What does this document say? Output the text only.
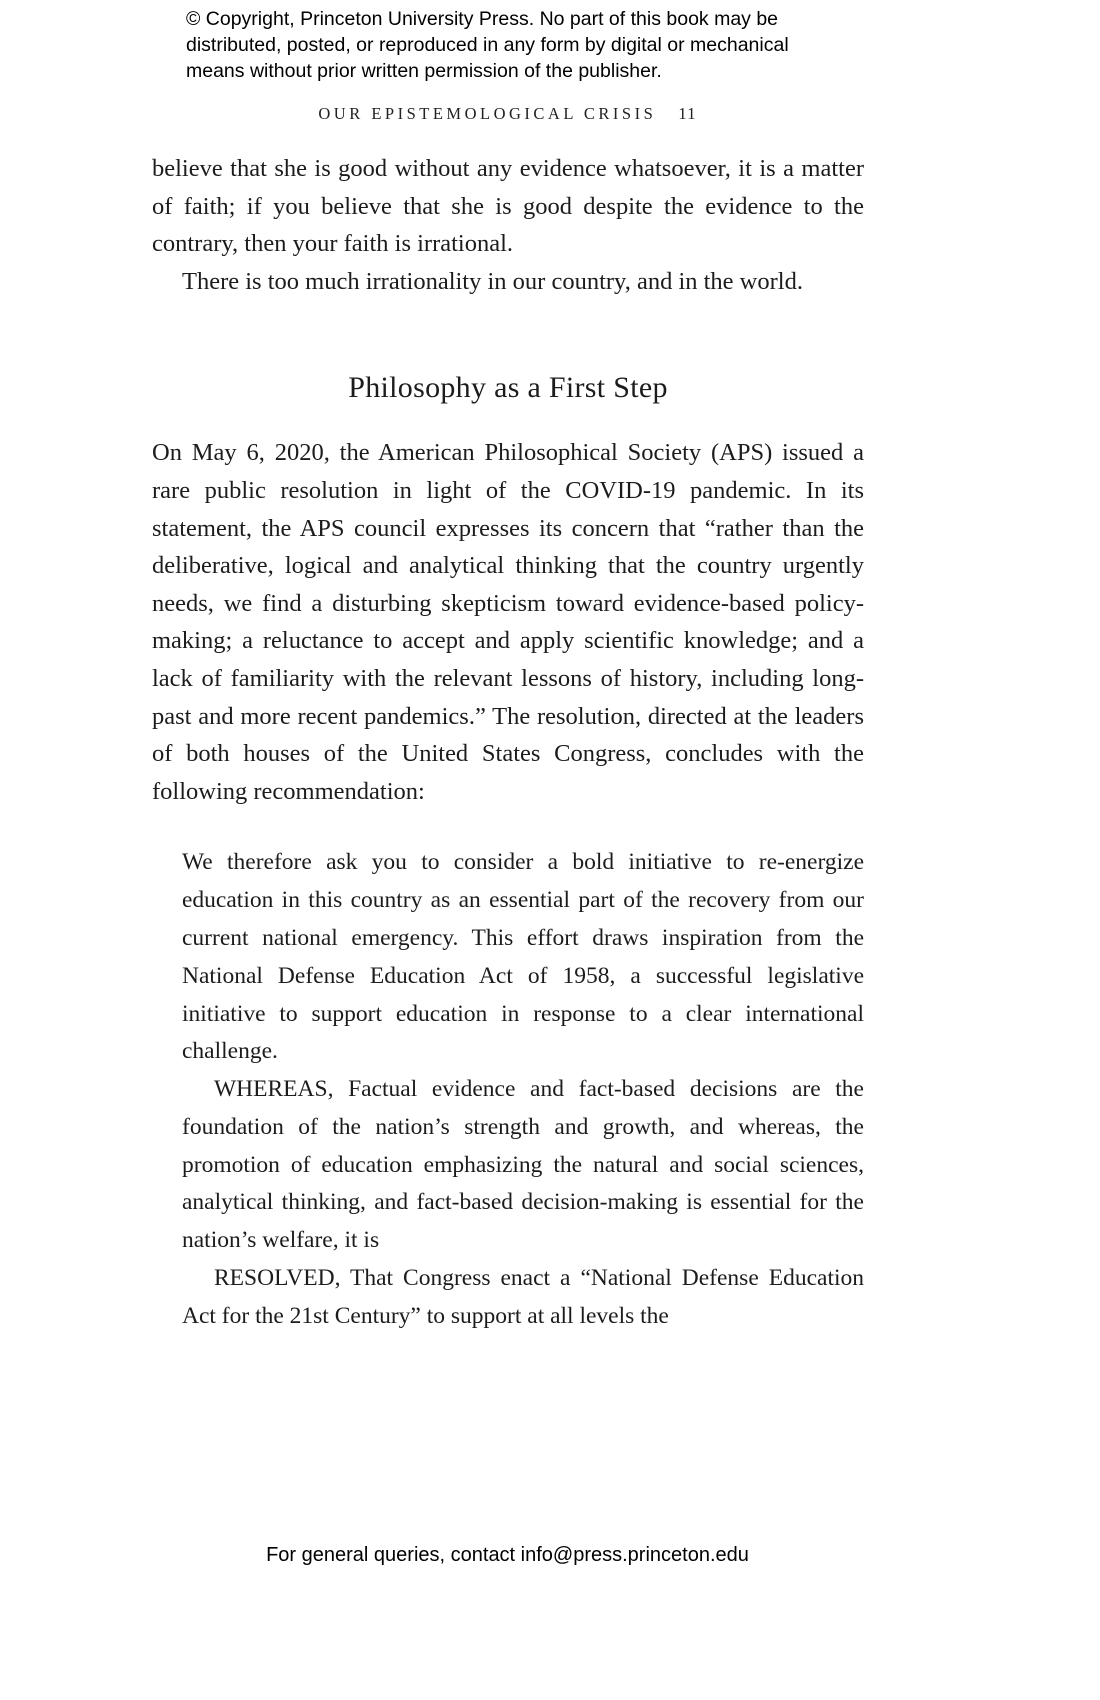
© Copyright, Princeton University Press. No part of this book may be distributed, posted, or reproduced in any form by digital or mechanical means without prior written permission of the publisher.
OUR EPISTEMOLOGICAL CRISIS 11

believe that she is good without any evidence whatsoever, it is a matter of faith; if you believe that she is good despite the evidence to the contrary, then your faith is irrational.

There is too much irrationality in our country, and in the world.

Philosophy as a First Step

On May 6, 2020, the American Philosophical Society (APS) issued a rare public resolution in light of the COVID-19 pandemic. In its statement, the APS council expresses its concern that “rather than the deliberative, logical and analytical thinking that the country urgently needs, we find a disturbing skepticism toward evidence-based policy-making; a reluctance to accept and apply scientific knowledge; and a lack of familiarity with the relevant lessons of history, including long-past and more recent pandemics.” The resolution, directed at the leaders of both houses of the United States Congress, concludes with the following recommendation:

We therefore ask you to consider a bold initiative to re-energize education in this country as an essential part of the recovery from our current national emergency. This effort draws inspiration from the National Defense Education Act of 1958, a successful legislative initiative to support education in response to a clear international challenge.

WHEREAS, Factual evidence and fact-based decisions are the foundation of the nation’s strength and growth, and whereas, the promotion of education emphasizing the natural and social sciences, analytical thinking, and fact-based decision-making is essential for the nation’s welfare, it is

RESOLVED, That Congress enact a “National Defense Education Act for the 21st Century” to support at all levels the

For general queries, contact info@press.princeton.edu
